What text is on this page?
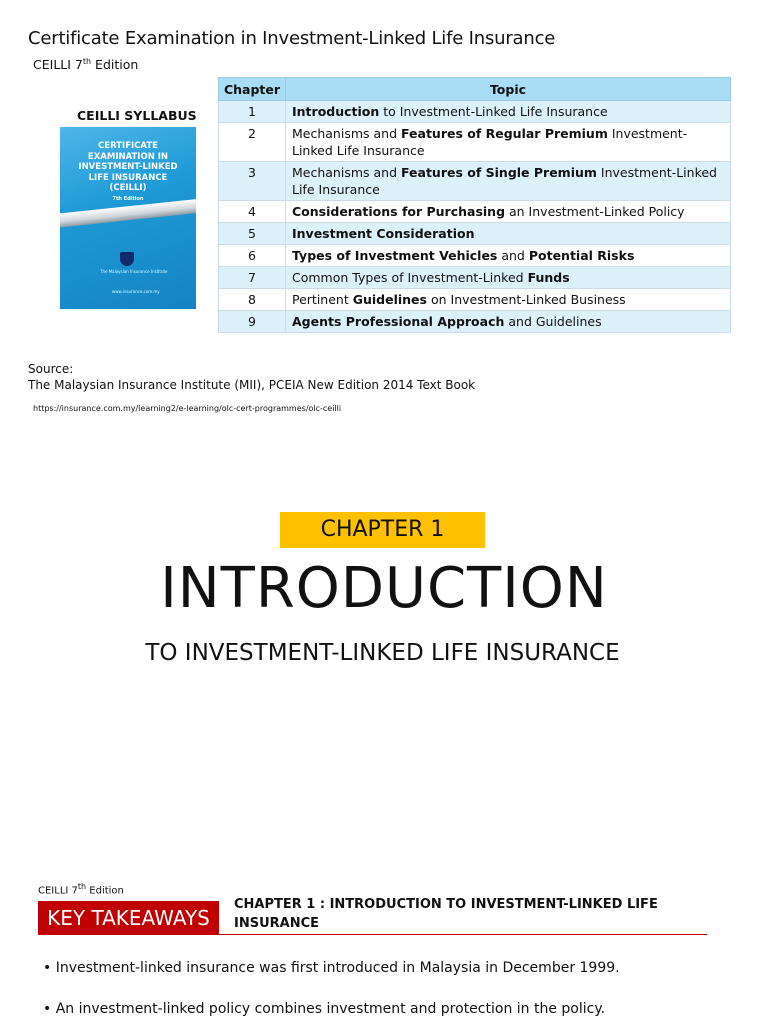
Certificate Examination in Investment-Linked Life Insurance
CEILLI 7th Edition
CEILLI SYLLABUS
CERTIFICATE EXAMINATION IN INVESTMENT-LINKED LIFE INSURANCE (CEILLI)
7th Edition
The Malaysian Insurance Institute
www.insurance.com.my
Chapter	Topic
1	Introduction to Investment-Linked Life Insurance
2	Mechanisms and Features of Regular Premium Investment-Linked Life Insurance
3	Mechanisms and Features of Single Premium Investment-Linked Life Insurance
4	Considerations for Purchasing an Investment-Linked Policy
5	Investment Consideration
6	Types of Investment Vehicles and Potential Risks
7	Common Types of Investment-Linked Funds
8	Pertinent Guidelines on Investment-Linked Business
9	Agents Professional Approach and Guidelines
Source:
The Malaysian Insurance Institute (MII), PCEIA New Edition 2014 Text Book
https://insurance.com.my/learning2/e-learning/olc-cert-programmes/olc-ceilli
CHAPTER 1
INTRODUCTION
TO INVESTMENT-LINKED LIFE INSURANCE
CEILLI 7th Edition
KEY TAKEAWAYS
CHAPTER 1 : INTRODUCTION TO INVESTMENT-LINKED LIFE INSURANCE
• Investment-linked insurance was first introduced in Malaysia in December 1999.
• An investment-linked policy combines investment and protection in the policy.
